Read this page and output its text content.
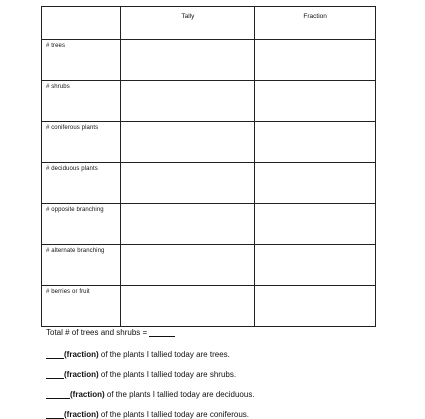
	Tally	Fraction
# trees		
# shrubs		
# coniferous plants		
# deciduous plants		
# opposite branching		
# alternate branching		
# berries or fruit		
Total # of trees and shrubs =
(fraction) of the plants I tallied today are trees.
(fraction) of the plants I tallied today are shrubs.
(fraction) of the plants I tallied today are deciduous.
(fraction) of the plants I tallied today are coniferous.
